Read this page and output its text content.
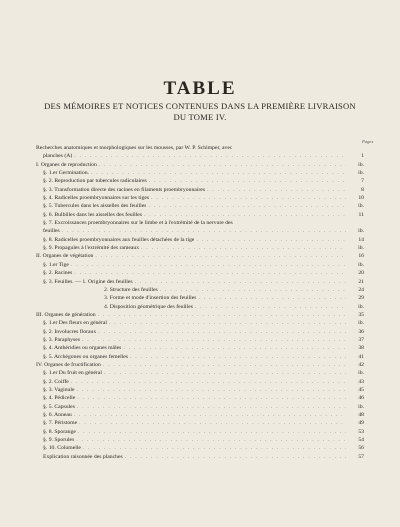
TABLE
DES MÉMOIRES ET NOTICES CONTENUES DANS LA PREMIÈRE LIVRAISON
DU TOME IV.
Pages
Recherches anatomiques et morphologiques sur les mousses, par W. P. Schimper, avec
planches (A) . . .	1
I. Organes de reproduction . . .	ib.
§. 1.er Germination. . . .	ib.
§. 2. Reproduction par tubercules radiculaires . . .	7
§. 3. Transformation directe des racines en filaments proembryonnaires . . .	8
§. 4. Radicelles proembryonnaires sur les tiges . . .	10
§. 5. Tubercules dans les aisselles des feuilles . . .	ib.
§. 6. Bulbilles dans les aisselles des feuilles . . .	11
§. 7. Excroissances proembryonnaires sur le limbe et à l'extrémité de la nervure des
feuilles . . .	ib.
§. 8. Radicelles proembryonnaires aux feuilles détachées de la tige . . .	14
§. 9. Propagules à l'extrémité des rameaux . . .	ib.
II. Organes de végétation . . .	16
§. 1.er Tige . . .	ib.
§. 2. Racines . . .	20
§. 3. Feuilles. — 1. Origine des feuilles . . .	21
2. Structure des feuilles . . .	24
3. Forme et mode d'insertion des feuilles . . .	29
4. Disposition géométrique des feuilles . . .	ib.
III. Organes de génération . . .	35
§. 1.er Des fleurs en général . . .	ib.
§. 2. Involucres floraux . . .	36
§. 3. Paraphyses . . .	37
§. 4. Anthéridies ou organes mâles . . .	38
§. 5. Archégones ou organes femelles . . .	41
IV. Organes de fructification . . .	42
§. 1.er Du fruit en général . . .	ib.
§. 2. Coiffe . . .	43
§. 3. Vaginule . . .	45
§. 4. Pédicelle . . .	46
§. 5. Capsules . . .	ib.
§. 6. Anneau . . .	48
§. 7. Péristome . . .	49
§. 8. Sporange . . .	53
§. 9. Sporules . . .	54
§. 10. Columelle . . .	56
Explication raisonnée des planches . . .	57
